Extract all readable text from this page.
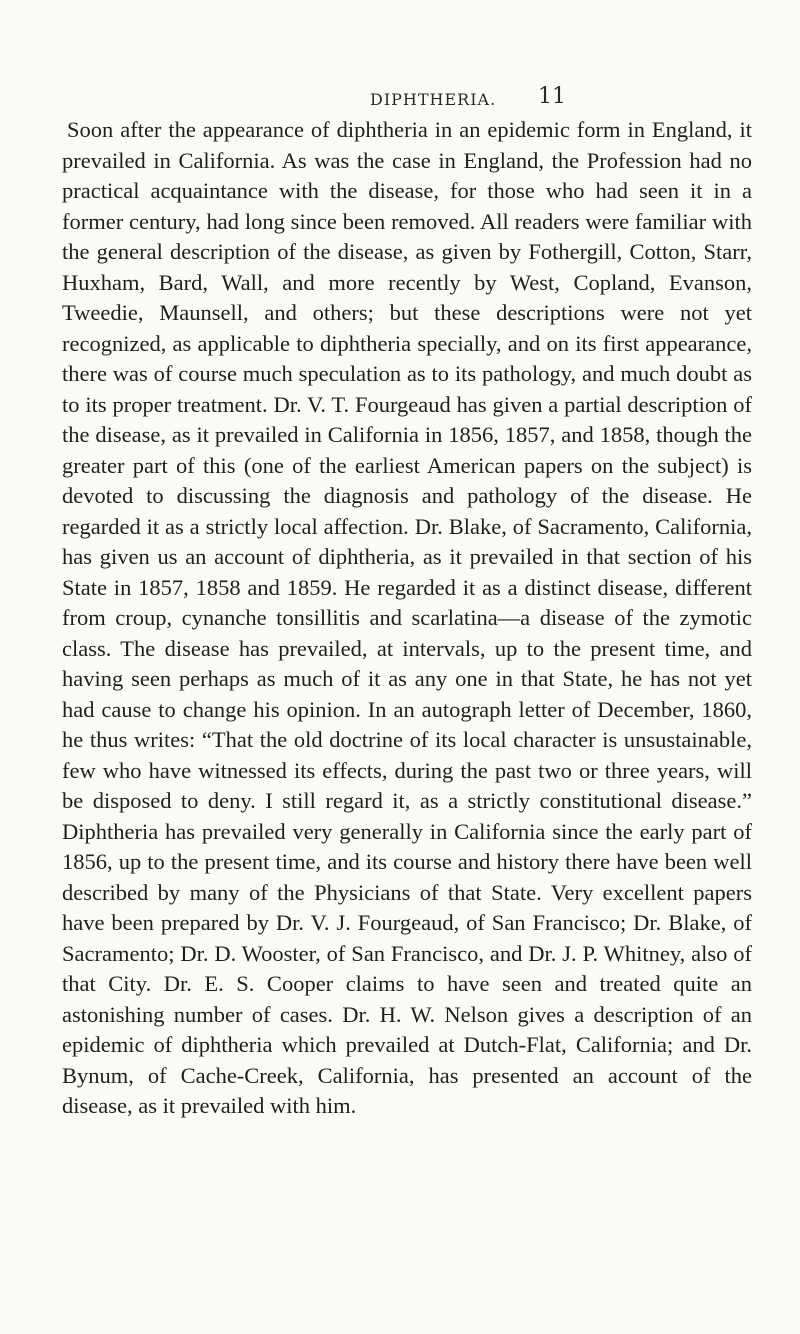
DIPHTHERIA. 11

Soon after the appearance of diphtheria in an epidemic form in England, it prevailed in California. As was the case in England, the Profession had no practical acquaintance with the disease, for those who had seen it in a former century, had long since been removed. All readers were familiar with the general description of the disease, as given by Fothergill, Cotton, Starr, Huxham, Bard, Wall, and more recently by West, Copland, Evanson, Tweedie, Maunsell, and others; but these descriptions were not yet recognized, as applicable to diphtheria specially, and on its first appearance, there was of course much speculation as to its pathology, and much doubt as to its proper treatment. Dr. V. T. Fourgeaud has given a partial description of the disease, as it prevailed in California in 1856, 1857, and 1858, though the greater part of this (one of the earliest American papers on the subject) is devoted to discussing the diagnosis and pathology of the disease. He regarded it as a strictly local affection. Dr. Blake, of Sacramento, California, has given us an account of diphtheria, as it prevailed in that section of his State in 1857, 1858 and 1859. He regarded it as a distinct disease, different from croup, cynanche tonsillitis and scarlatina—a disease of the zymotic class. The disease has prevailed, at intervals, up to the present time, and having seen perhaps as much of it as any one in that State, he has not yet had cause to change his opinion. In an autograph letter of December, 1860, he thus writes: “That the old doctrine of its local character is unsustainable, few who have witnessed its effects, during the past two or three years, will be disposed to deny. I still regard it, as a strictly constitutional disease.” Diphtheria has prevailed very generally in California since the early part of 1856, up to the present time, and its course and history there have been well described by many of the Physicians of that State. Very excellent papers have been prepared by Dr. V. J. Fourgeaud, of San Francisco; Dr. Blake, of Sacramento; Dr. D. Wooster, of San Francisco, and Dr. J. P. Whitney, also of that City. Dr. E. S. Cooper claims to have seen and treated quite an astonishing number of cases. Dr. H. W. Nelson gives a description of an epidemic of diphtheria which prevailed at Dutch-Flat, California; and Dr. Bynum, of Cache-Creek, California, has presented an account of the disease, as it prevailed with him.
